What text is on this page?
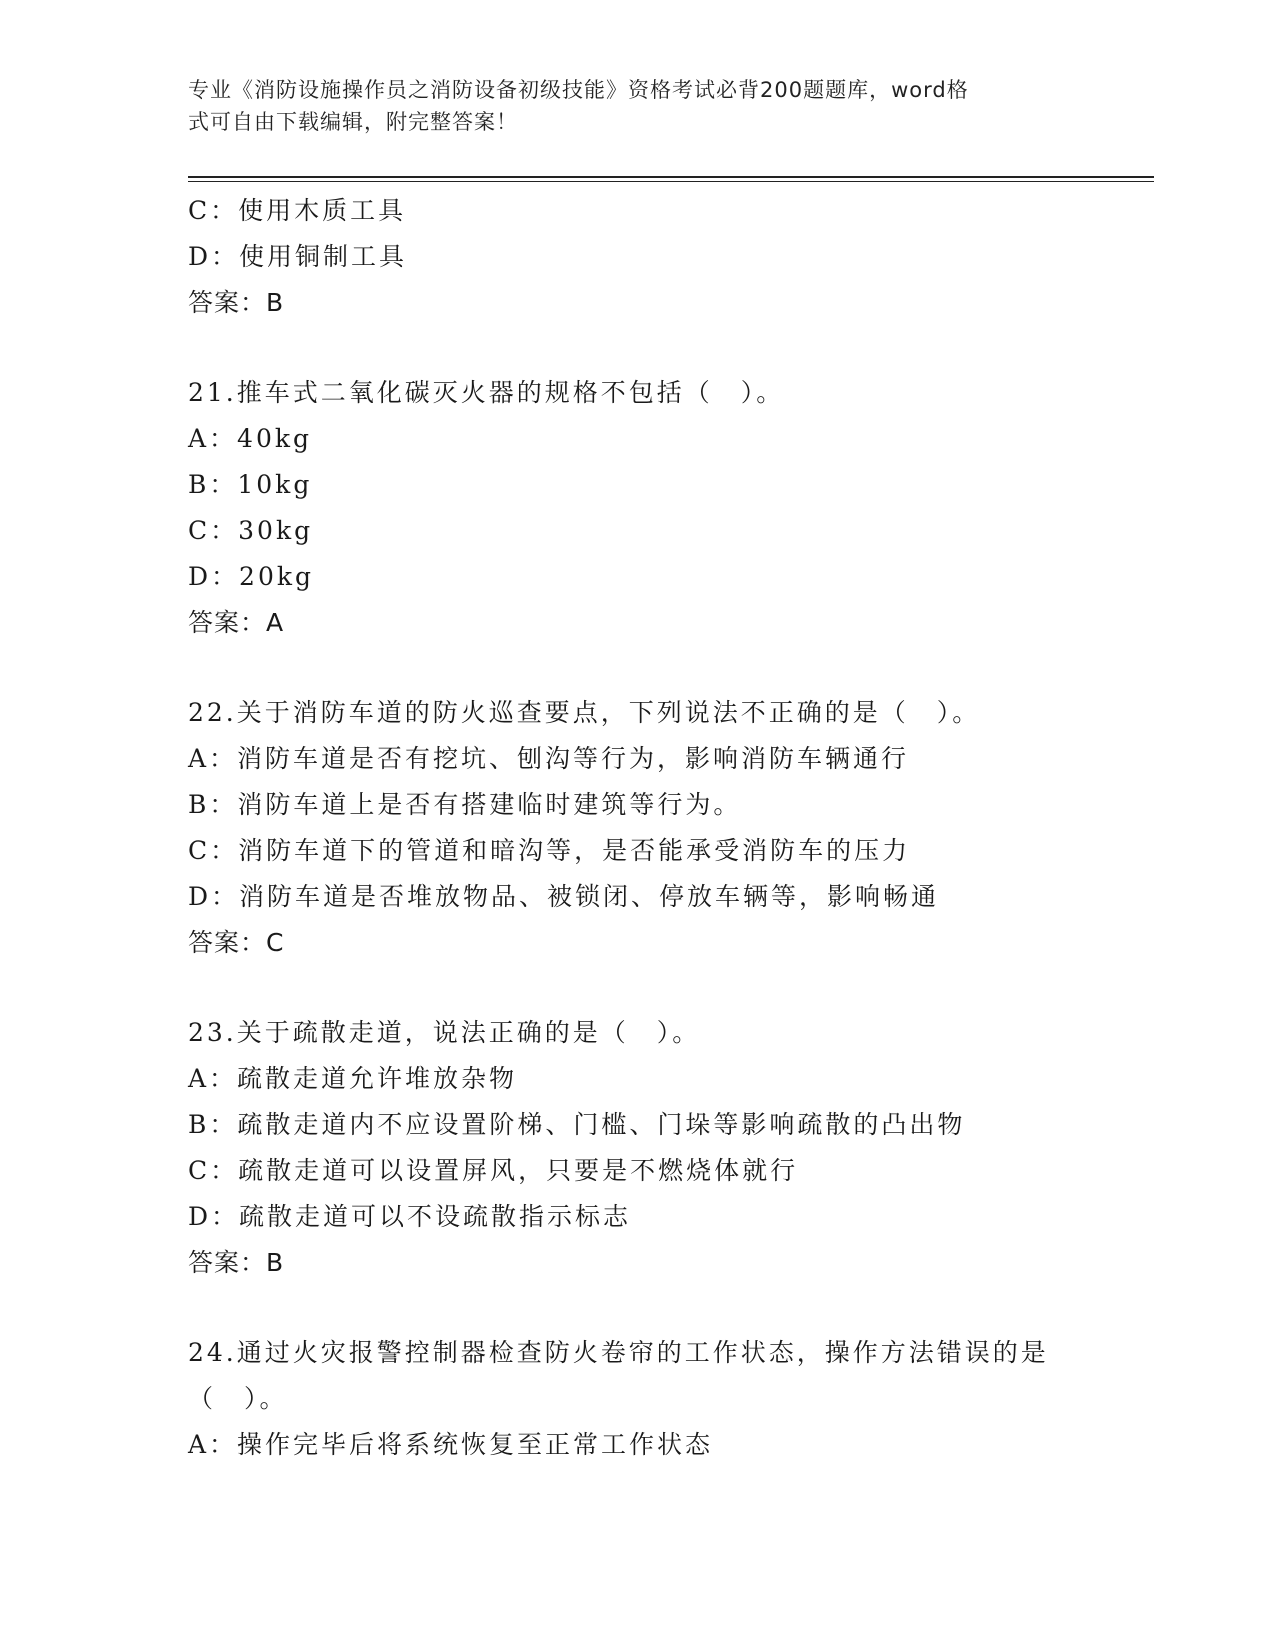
专业《消防设施操作员之消防设备初级技能》资格考试必背200题题库，word格
式可自由下载编辑，附完整答案！
C：使用木质工具
D：使用铜制工具
答案：B
21.推车式二氧化碳灭火器的规格不包括（　）。
A：40kg
B：10kg
C：30kg
D：20kg
答案：A
22.关于消防车道的防火巡查要点，下列说法不正确的是（　）。
A：消防车道是否有挖坑、刨沟等行为，影响消防车辆通行
B：消防车道上是否有搭建临时建筑等行为。
C：消防车道下的管道和暗沟等，是否能承受消防车的压力
D：消防车道是否堆放物品、被锁闭、停放车辆等，影响畅通
答案：C
23.关于疏散走道，说法正确的是（　）。
A：疏散走道允许堆放杂物
B：疏散走道内不应设置阶梯、门槛、门垛等影响疏散的凸出物
C：疏散走道可以设置屏风，只要是不燃烧体就行
D：疏散走道可以不设疏散指示标志
答案：B
24.通过火灾报警控制器检查防火卷帘的工作状态，操作方法错误的是
（　）。
A：操作完毕后将系统恢复至正常工作状态
